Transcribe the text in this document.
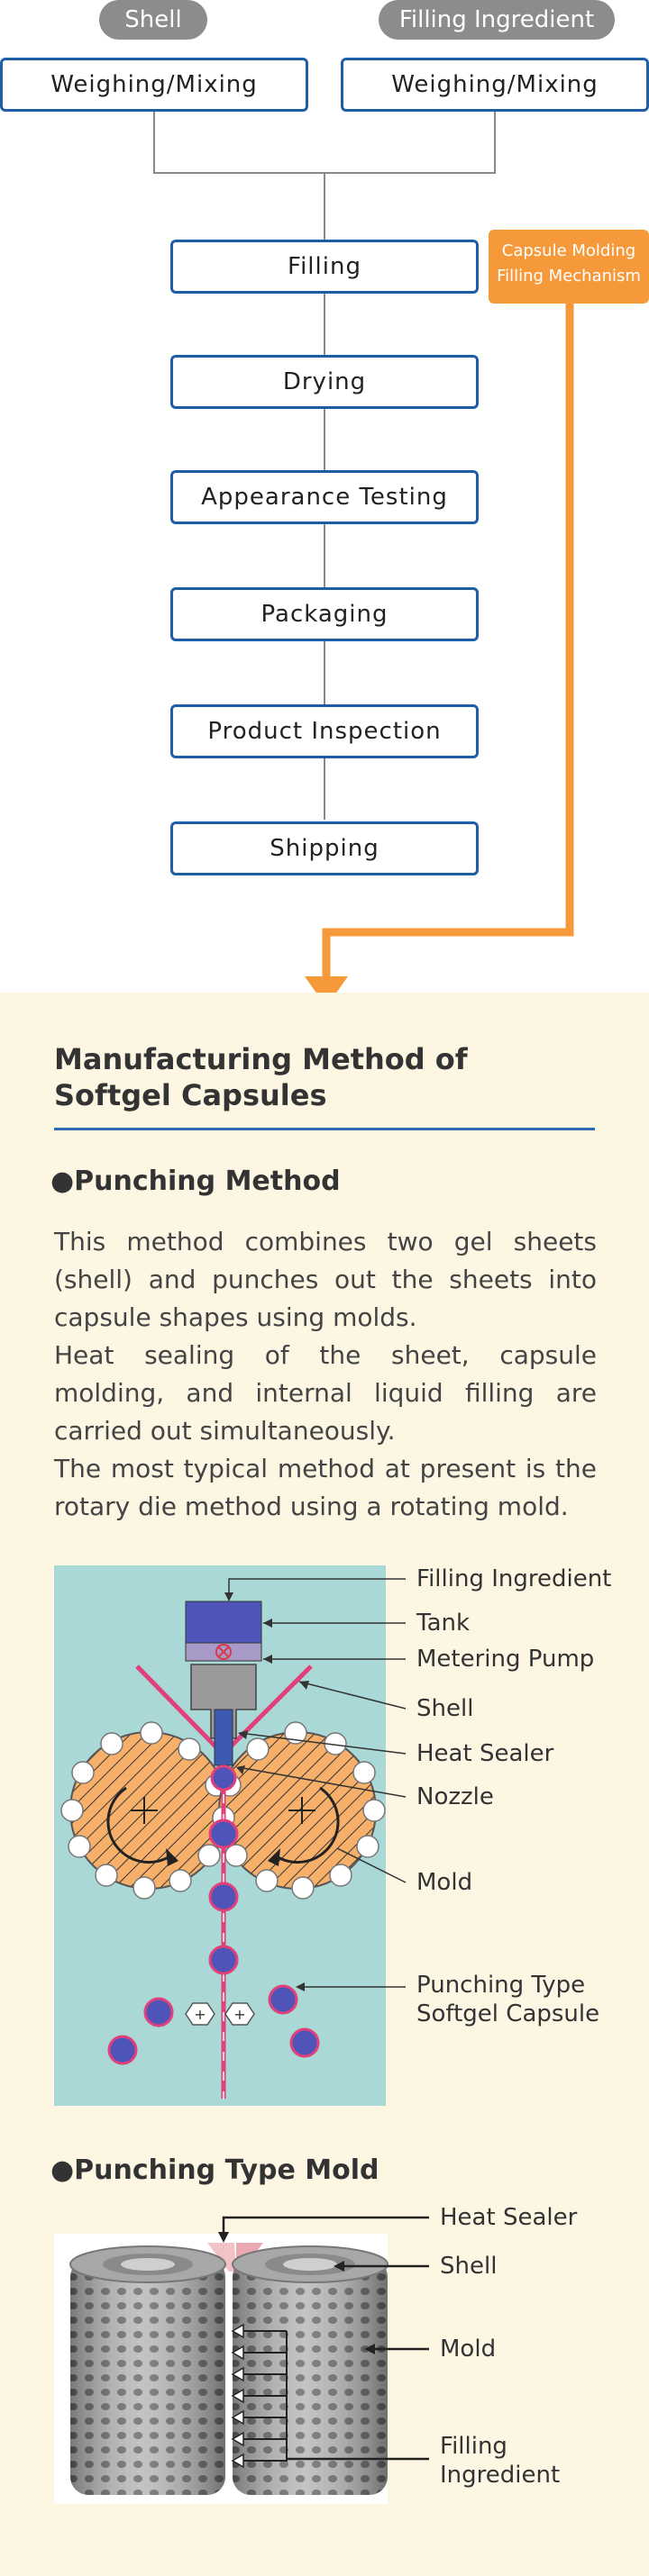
Shell	Filling Ingredient
Weighing/Mixing	Weighing/Mixing
Filling
Drying
Appearance Testing
Packaging
Product Inspection
Shipping
Capsule Molding
Filling Mechanism
Manufacturing Method of
Softgel Capsules
●Punching Method

This method combines two gel sheets (shell) and punches out the sheets into capsule shapes using molds.

Heat sealing of the sheet, capsule molding, and internal liquid filling are carried out simultaneously.

The most typical method at present is the rotary die method using a rotating mold.

+ +
Filling Ingredient
Tank
Metering Pump
Shell
Heat Sealer
Nozzle
Mold
Punching Type
Softgel Capsule
●Punching Type Mold
Heat Sealer
Shell
Mold
Filling
Ingredient
